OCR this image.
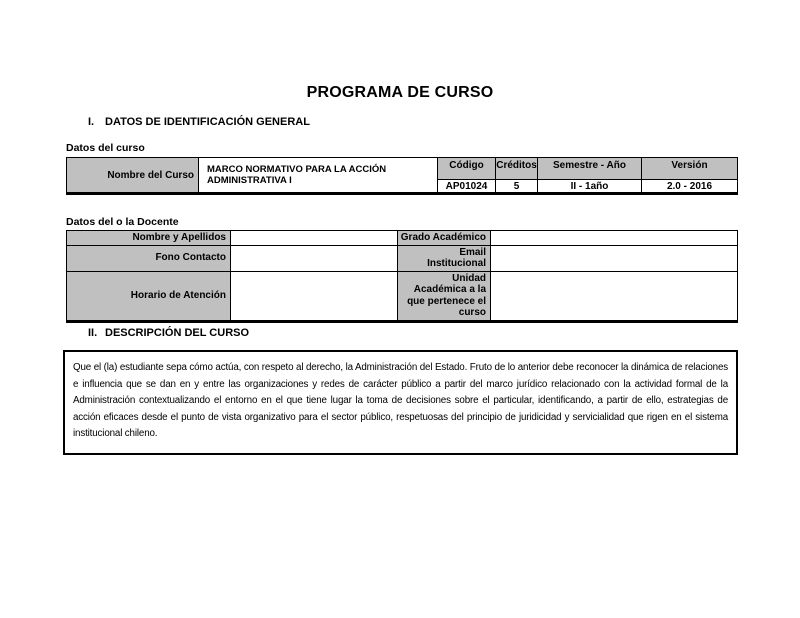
PROGRAMA DE CURSO
I. DATOS DE IDENTIFICACIÓN GENERAL
Datos del curso
Nombre del Curso	MARCO NORMATIVO PARA LA ACCIÓN ADMINISTRATIVA I	Código	Créditos	Semestre - Año	Versión
		AP01024	5	II - 1año	2.0 - 2016
Datos del o la Docente
Nombre y Apellidos		Grado Académico	
Fono Contacto		Email Institucional	
Horario de Atención		Unidad Académica a la que pertenece el curso	
II. DESCRIPCIÓN DEL CURSO

Que el (la) estudiante sepa cómo actúa, con respeto al derecho, la Administración del Estado. Fruto de lo anterior debe reconocer la dinámica de relaciones e influencia que se dan en y entre las organizaciones y redes de carácter público a partir del marco jurídico relacionado con la actividad formal de la Administración contextualizando el entorno en el que tiene lugar la toma de decisiones sobre el particular, identificando, a partir de ello, estrategias de acción eficaces desde el punto de vista organizativo para el sector público, respetuosas del principio de juridicidad y servicialidad que rigen en el sistema institucional chileno.
